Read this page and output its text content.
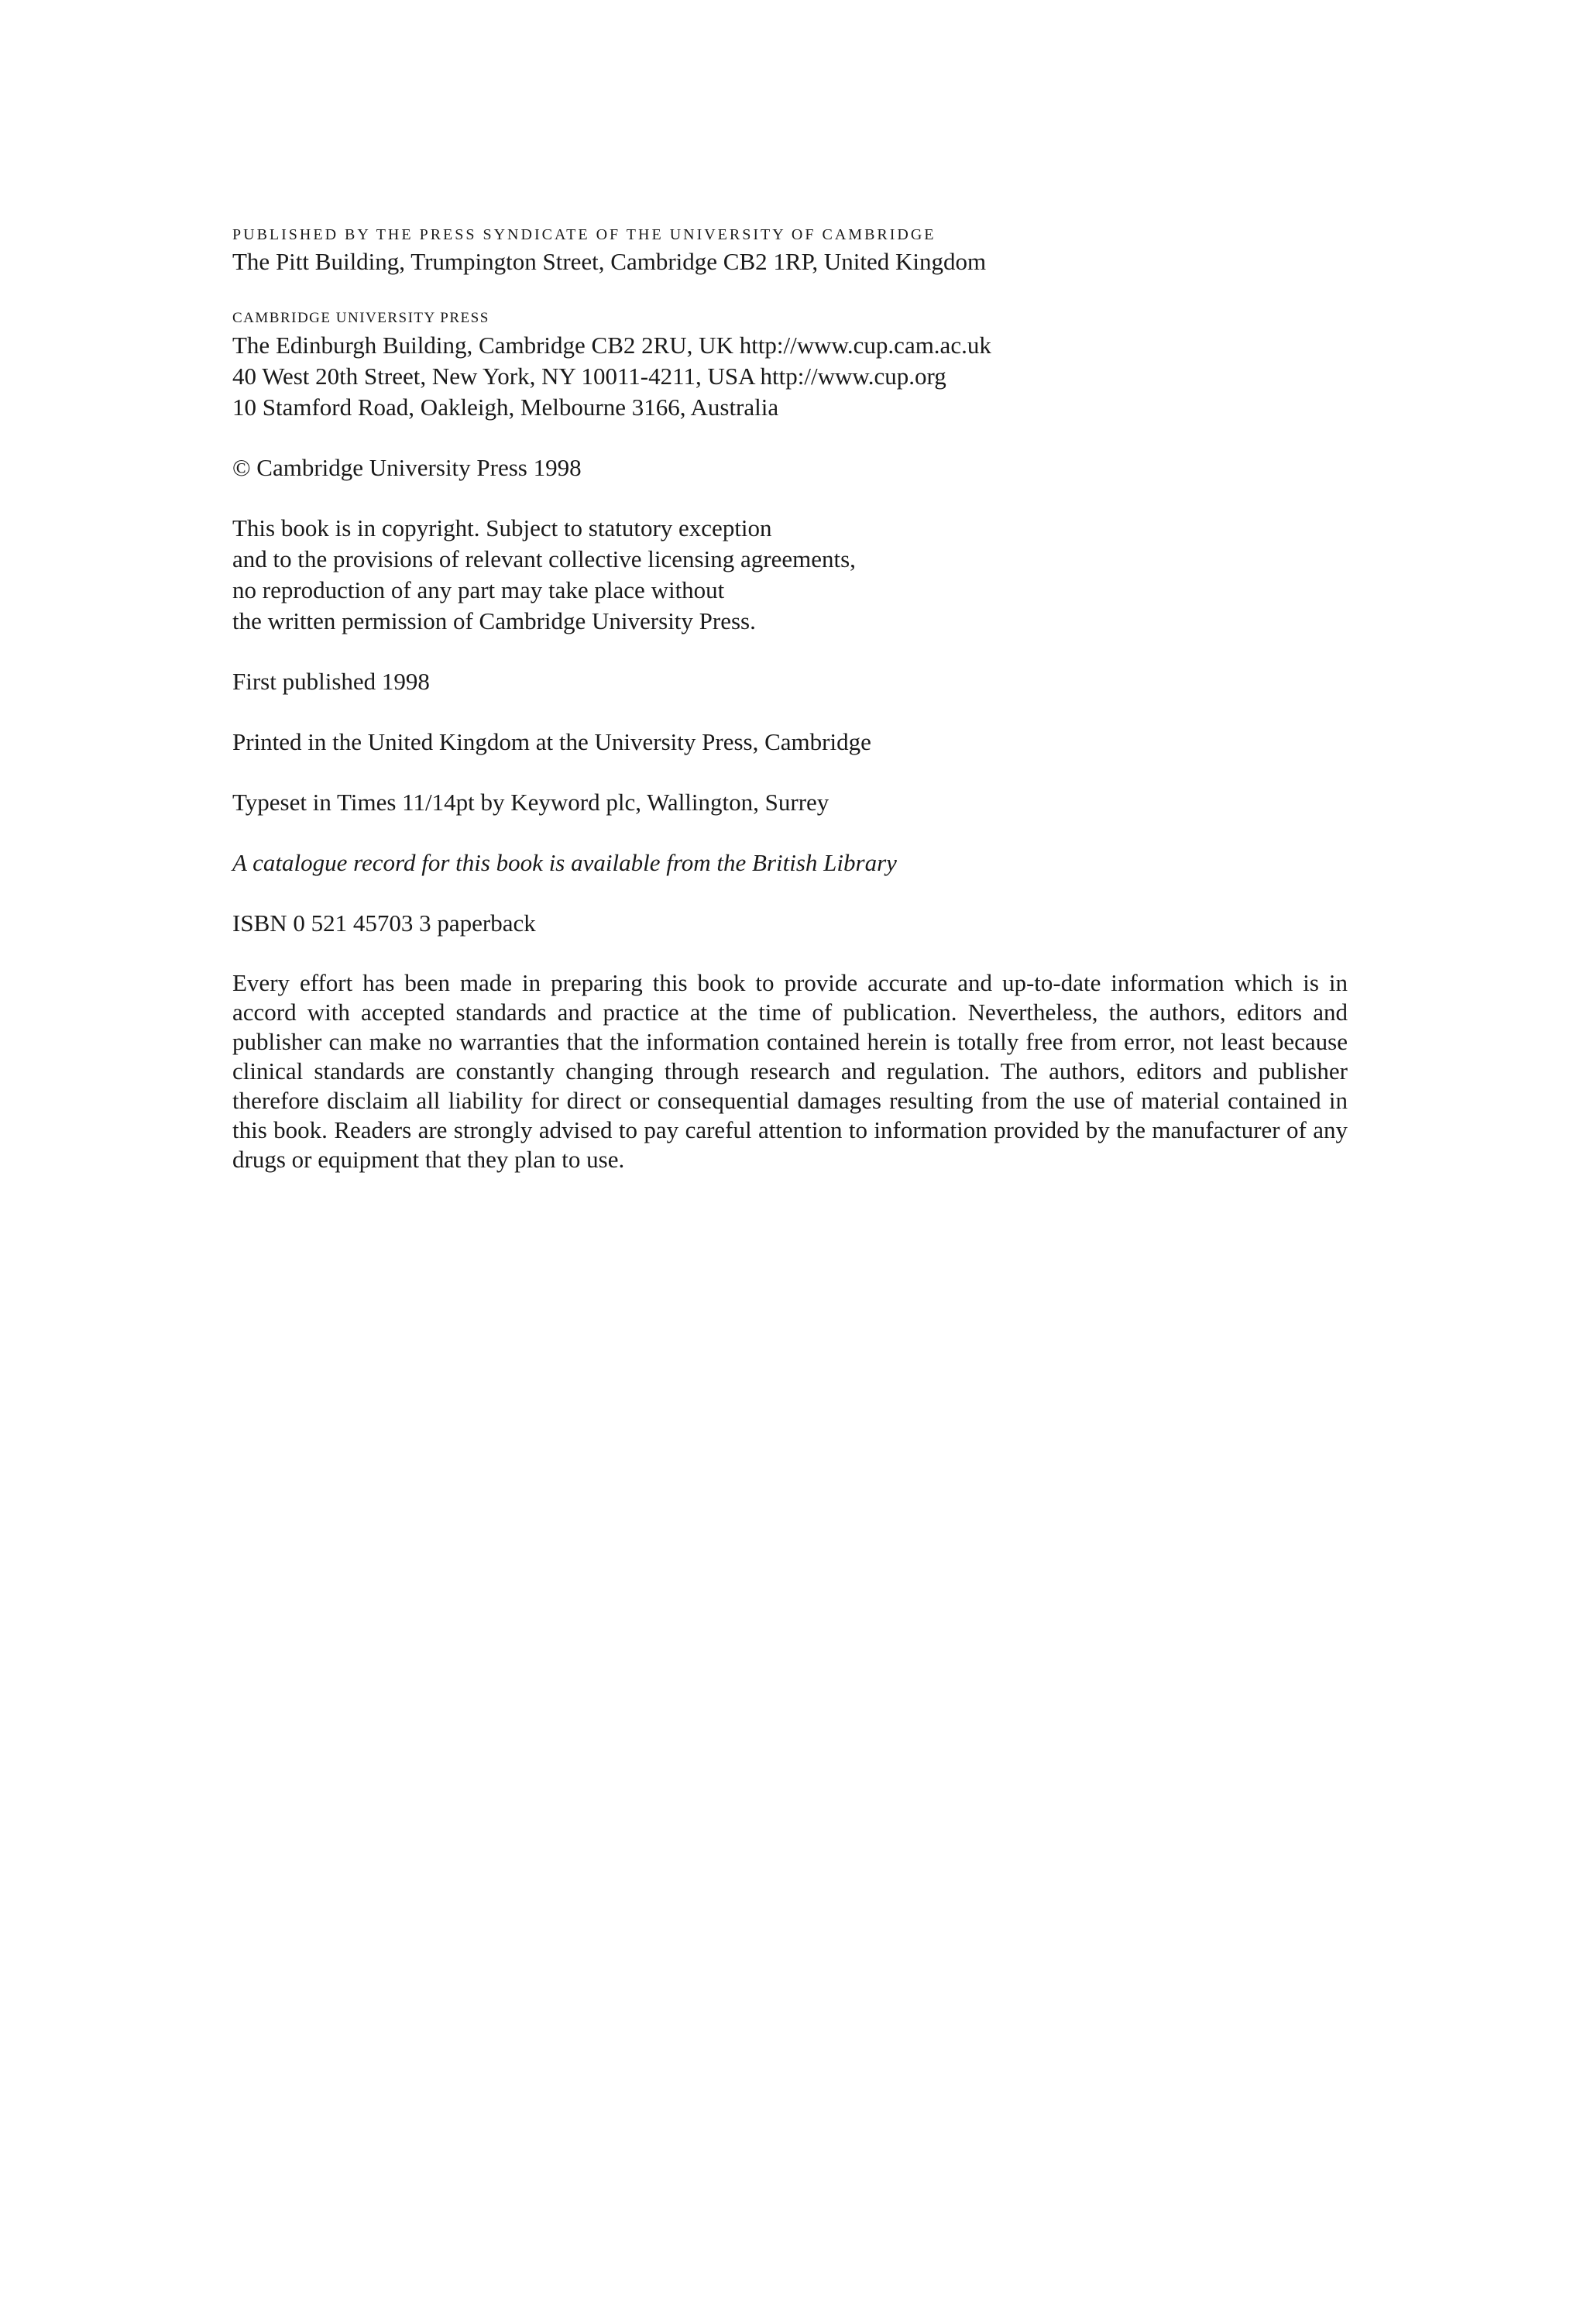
PUBLISHED BY THE PRESS SYNDICATE OF THE UNIVERSITY OF CAMBRIDGE

The Pitt Building, Trumpington Street, Cambridge CB2 1RP, United Kingdom

CAMBRIDGE UNIVERSITY PRESS

The Edinburgh Building, Cambridge CB2 2RU, UK http://www.cup.cam.ac.uk

40 West 20th Street, New York, NY 10011-4211, USA http://www.cup.org

10 Stamford Road, Oakleigh, Melbourne 3166, Australia

© Cambridge University Press 1998

This book is in copyright. Subject to statutory exception

and to the provisions of relevant collective licensing agreements,

no reproduction of any part may take place without

the written permission of Cambridge University Press.

First published 1998

Printed in the United Kingdom at the University Press, Cambridge

Typeset in Times 11/14pt by Keyword plc, Wallington, Surrey

A catalogue record for this book is available from the British Library

ISBN 0 521 45703 3 paperback

Every effort has been made in preparing this book to provide accurate and up-to-date information which is in accord with accepted standards and practice at the time of publication. Nevertheless, the authors, editors and publisher can make no warranties that the information contained herein is totally free from error, not least because clinical standards are constantly changing through research and regulation. The authors, editors and publisher therefore disclaim all liability for direct or consequential damages resulting from the use of material contained in this book. Readers are strongly advised to pay careful attention to information provided by the manufacturer of any drugs or equipment that they plan to use.
